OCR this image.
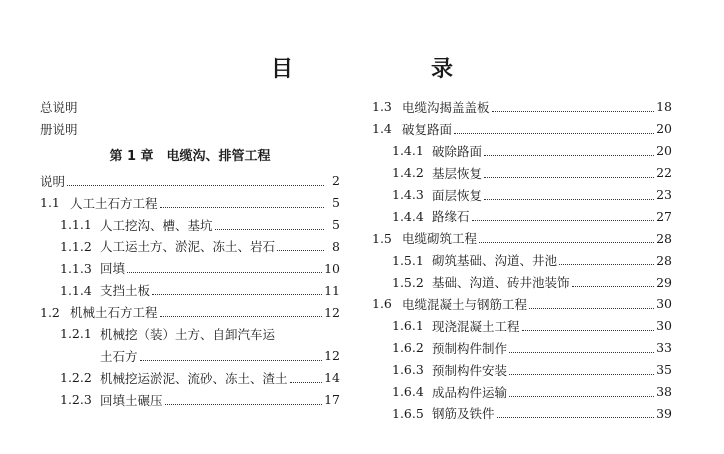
目　录
总说明
册说明
第 1 章　电缆沟、排管工程
说明	2
1.1 人工土石方工程	5
1.1.1 人工挖沟、槽、基坑	5
1.1.2 人工运土方、淤泥、冻土、岩石	8
1.1.3 回填	10
1.1.4 支挡土板	11
1.2 机械土石方工程	12
1.2.1 机械挖（装）土方、自卸汽车运
土石方	12
1.2.2 机械挖运淤泥、流砂、冻土、渣土	14
1.2.3 回填土碾压	17
1.3 电缆沟揭盖盖板	18
1.4 破复路面	20
1.4.1 破除路面	20
1.4.2 基层恢复	22
1.4.3 面层恢复	23
1.4.4 路缘石	27
1.5 电缆砌筑工程	28
1.5.1 砌筑基础、沟道、井池	28
1.5.2 基础、沟道、砖井池装饰	29
1.6 电缆混凝土与钢筋工程	30
1.6.1 现浇混凝土工程	30
1.6.2 预制构件制作	33
1.6.3 预制构件安装	35
1.6.4 成品构件运输	38
1.6.5 钢筋及铁件	39
